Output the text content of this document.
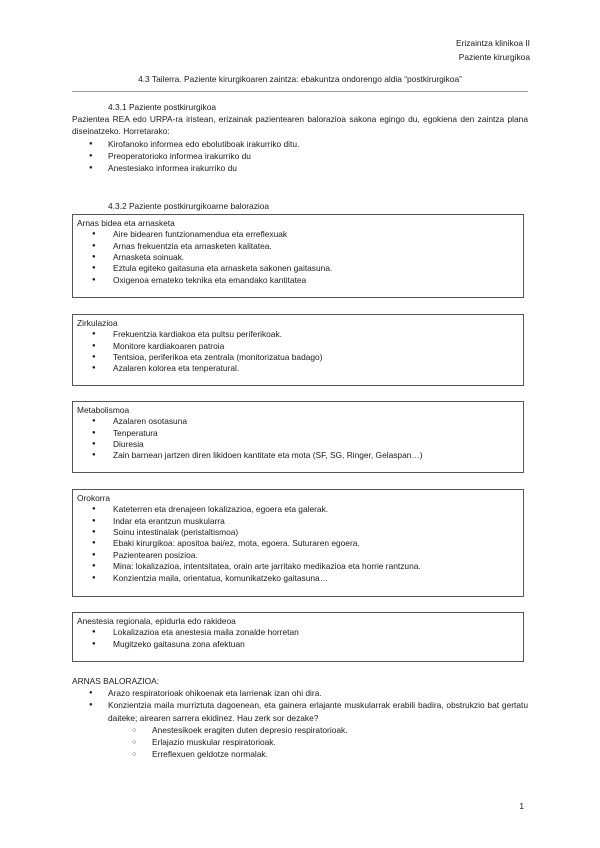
Erizaintza klinikoa II
Paziente kirurgikoa
4.3 Tailerra. Paziente kirurgikoaren zaintza: ebakuntza ondorengo aldia “postkirurgikoa”
4.3.1 Paziente postkirurgikoa
Pazientea REA edo URPA-ra iristean, erizainak pazientearen balorazioa sakona egingo du, egokiena den zaintza plana diseinatzeko. Horretarako:
● Kirofanoko informea edo ebolutiboak irakurriko ditu.
● Preoperatorioko informea irakurriko du
● Anestesiako informea irakurriko du
4.3.2 Paziente postkirurgikoarne balorazioa
Arnas bidea eta arnasketa
● Aire bidearen funtzionamendua eta erreflexuak
● Arnas frekuentzia eta arnasketen kalitatea.
● Arnasketa soinuak.
● Eztula egiteko gaitasuna eta arnasketa sakonen gaitasuna.
● Oxigenoa emateko teknika eta emandako kantitatea
Zirkulazioa
● Frekuentzia kardiakoa eta pultsu periferikoak.
● Monitore kardiakoaren patroia
● Tentsioa, periferikoa eta zentrala (monitorizatua badago)
● Azalaren kolorea eta tenperatural.
Metabolismoa
● Azalaren osotasuna
● Tenperatura
● Diuresia
● Zain barnean jartzen diren likidoen kantitate eta mota (SF, SG, Ringer, Gelaspan…)
Orokorra
● Kateterren eta drenajeen lokalizazioa, egoera eta galerak.
● Indar eta erantzun muskularra
● Soinu intestinalak (peristaltismoa)
● Ebaki kirurgikoa: apositoa bai/ez, mota, egoera. Suturaren egoera.
● Pazientearen posizioa.
● Mina: lokalizazioa, intentsitatea, orain arte jarritako medikazioa eta horrie rantzuna.
● Konzientzia maila, orientatua, komunikatzeko gaitasuna…
Anestesia regionala, epidurla edo rakideoa
● Lokalizazioa eta anestesia maila zonalde horretan
● Mugitzeko gaitasuna zona afektuan
ARNAS BALORAZIOA:
● Arazo respiratorioak ohikoenak eta larrienak izan ohi dira.
● Konzientzia maila murriztuta dagoenean, eta gainera erlajante muskularrak erabili badira, obstrukzio bat gertatu daiteke; airearen sarrera ekidinez. Hau zerk sor dezake?
○ Anestesikoek eragiten duten depresio respiratorioak.
○ Erlajazio muskular respiratorioak.
○ Erreflexuen geldotze normalak.
1
